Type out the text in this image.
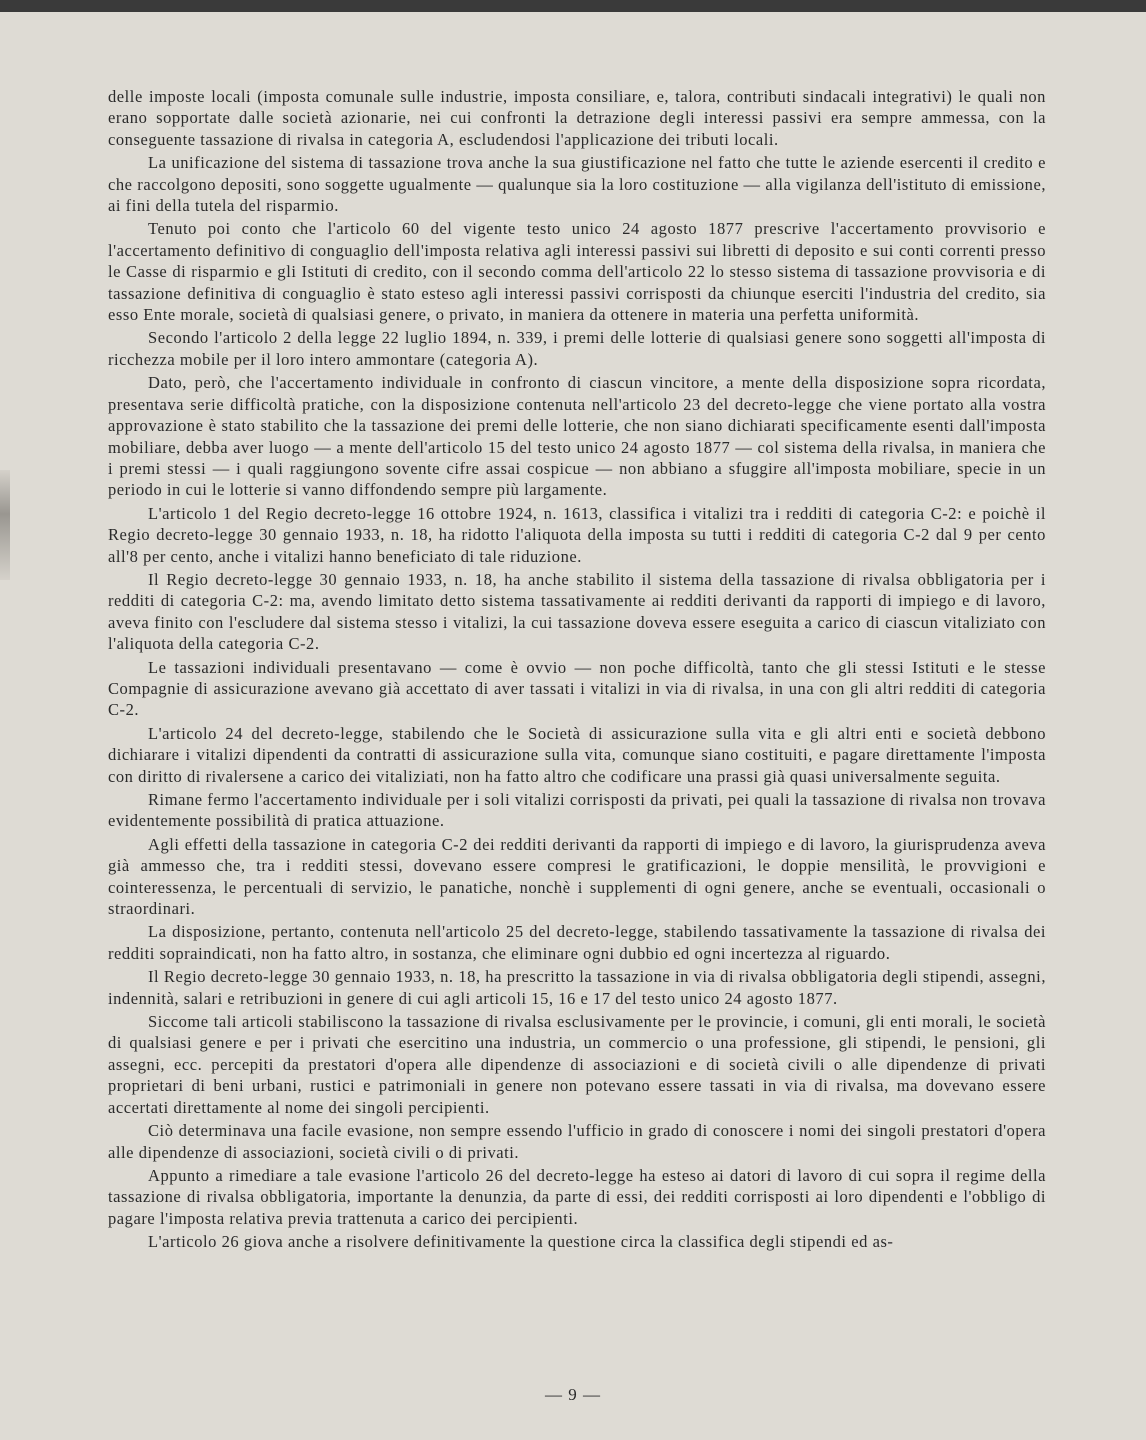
delle imposte locali (imposta comunale sulle industrie, imposta consiliare, e, talora, contributi sindacali integrativi) le quali non erano sopportate dalle società azionarie, nei cui confronti la detrazione degli interessi passivi era sempre ammessa, con la conseguente tassazione di rivalsa in categoria A, escludendosi l'applicazione dei tributi locali.

La unificazione del sistema di tassazione trova anche la sua giustificazione nel fatto che tutte le aziende esercenti il credito e che raccolgono depositi, sono soggette ugualmente — qualunque sia la loro costituzione — alla vigilanza dell'istituto di emissione, ai fini della tutela del risparmio.

Tenuto poi conto che l'articolo 60 del vigente testo unico 24 agosto 1877 prescrive l'accertamento provvisorio e l'accertamento definitivo di conguaglio dell'imposta relativa agli interessi passivi sui libretti di deposito e sui conti correnti presso le Casse di risparmio e gli Istituti di credito, con il secondo comma dell'articolo 22 lo stesso sistema di tassazione provvisoria e di tassazione definitiva di conguaglio è stato esteso agli interessi passivi corrisposti da chiunque eserciti l'industria del credito, sia esso Ente morale, società di qualsiasi genere, o privato, in maniera da ottenere in materia una perfetta uniformità.

Secondo l'articolo 2 della legge 22 luglio 1894, n. 339, i premi delle lotterie di qualsiasi genere sono soggetti all'imposta di ricchezza mobile per il loro intero ammontare (categoria A).

Dato, però, che l'accertamento individuale in confronto di ciascun vincitore, a mente della disposizione sopra ricordata, presentava serie difficoltà pratiche, con la disposizione contenuta nell'articolo 23 del decreto-legge che viene portato alla vostra approvazione è stato stabilito che la tassazione dei premi delle lotterie, che non siano dichiarati specificamente esenti dall'imposta mobiliare, debba aver luogo — a mente dell'articolo 15 del testo unico 24 agosto 1877 — col sistema della rivalsa, in maniera che i premi stessi — i quali raggiungono sovente cifre assai cospicue — non abbiano a sfuggire all'imposta mobiliare, specie in un periodo in cui le lotterie si vanno diffondendo sempre più largamente.

L'articolo 1 del Regio decreto-legge 16 ottobre 1924, n. 1613, classifica i vitalizi tra i redditi di categoria C-2: e poichè il Regio decreto-legge 30 gennaio 1933, n. 18, ha ridotto l'aliquota della imposta su tutti i redditi di categoria C-2 dal 9 per cento all'8 per cento, anche i vitalizi hanno beneficiato di tale riduzione.

Il Regio decreto-legge 30 gennaio 1933, n. 18, ha anche stabilito il sistema della tassazione di rivalsa obbligatoria per i redditi di categoria C-2: ma, avendo limitato detto sistema tassativamente ai redditi derivanti da rapporti di impiego e di lavoro, aveva finito con l'escludere dal sistema stesso i vitalizi, la cui tassazione doveva essere eseguita a carico di ciascun vitaliziato con l'aliquota della categoria C-2.

Le tassazioni individuali presentavano — come è ovvio — non poche difficoltà, tanto che gli stessi Istituti e le stesse Compagnie di assicurazione avevano già accettato di aver tassati i vitalizi in via di rivalsa, in una con gli altri redditi di categoria C-2.

L'articolo 24 del decreto-legge, stabilendo che le Società di assicurazione sulla vita e gli altri enti e società debbono dichiarare i vitalizi dipendenti da contratti di assicurazione sulla vita, comunque siano costituiti, e pagare direttamente l'imposta con diritto di rivalersene a carico dei vitaliziati, non ha fatto altro che codificare una prassi già quasi universalmente seguita.

Rimane fermo l'accertamento individuale per i soli vitalizi corrisposti da privati, pei quali la tassazione di rivalsa non trovava evidentemente possibilità di pratica attuazione.

Agli effetti della tassazione in categoria C-2 dei redditi derivanti da rapporti di impiego e di lavoro, la giurisprudenza aveva già ammesso che, tra i redditi stessi, dovevano essere compresi le gratificazioni, le doppie mensilità, le provvigioni e cointeressenza, le percentuali di servizio, le panatiche, nonchè i supplementi di ogni genere, anche se eventuali, occasionali o straordinari.

La disposizione, pertanto, contenuta nell'articolo 25 del decreto-legge, stabilendo tassativamente la tassazione di rivalsa dei redditi sopraindicati, non ha fatto altro, in sostanza, che eliminare ogni dubbio ed ogni incertezza al riguardo.

Il Regio decreto-legge 30 gennaio 1933, n. 18, ha prescritto la tassazione in via di rivalsa obbligatoria degli stipendi, assegni, indennità, salari e retribuzioni in genere di cui agli articoli 15, 16 e 17 del testo unico 24 agosto 1877.

Siccome tali articoli stabiliscono la tassazione di rivalsa esclusivamente per le provincie, i comuni, gli enti morali, le società di qualsiasi genere e per i privati che esercitino una industria, un commercio o una professione, gli stipendi, le pensioni, gli assegni, ecc. percepiti da prestatori d'opera alle dipendenze di associazioni e di società civili o alle dipendenze di privati proprietari di beni urbani, rustici e patrimoniali in genere non potevano essere tassati in via di rivalsa, ma dovevano essere accertati direttamente al nome dei singoli percipienti.

Ciò determinava una facile evasione, non sempre essendo l'ufficio in grado di conoscere i nomi dei singoli prestatori d'opera alle dipendenze di associazioni, società civili o di privati.

Appunto a rimediare a tale evasione l'articolo 26 del decreto-legge ha esteso ai datori di lavoro di cui sopra il regime della tassazione di rivalsa obbligatoria, importante la denunzia, da parte di essi, dei redditi corrisposti ai loro dipendenti e l'obbligo di pagare l'imposta relativa previa trattenuta a carico dei percipienti.

L'articolo 26 giova anche a risolvere definitivamente la questione circa la classifica degli stipendi ed as-

— 9 —
